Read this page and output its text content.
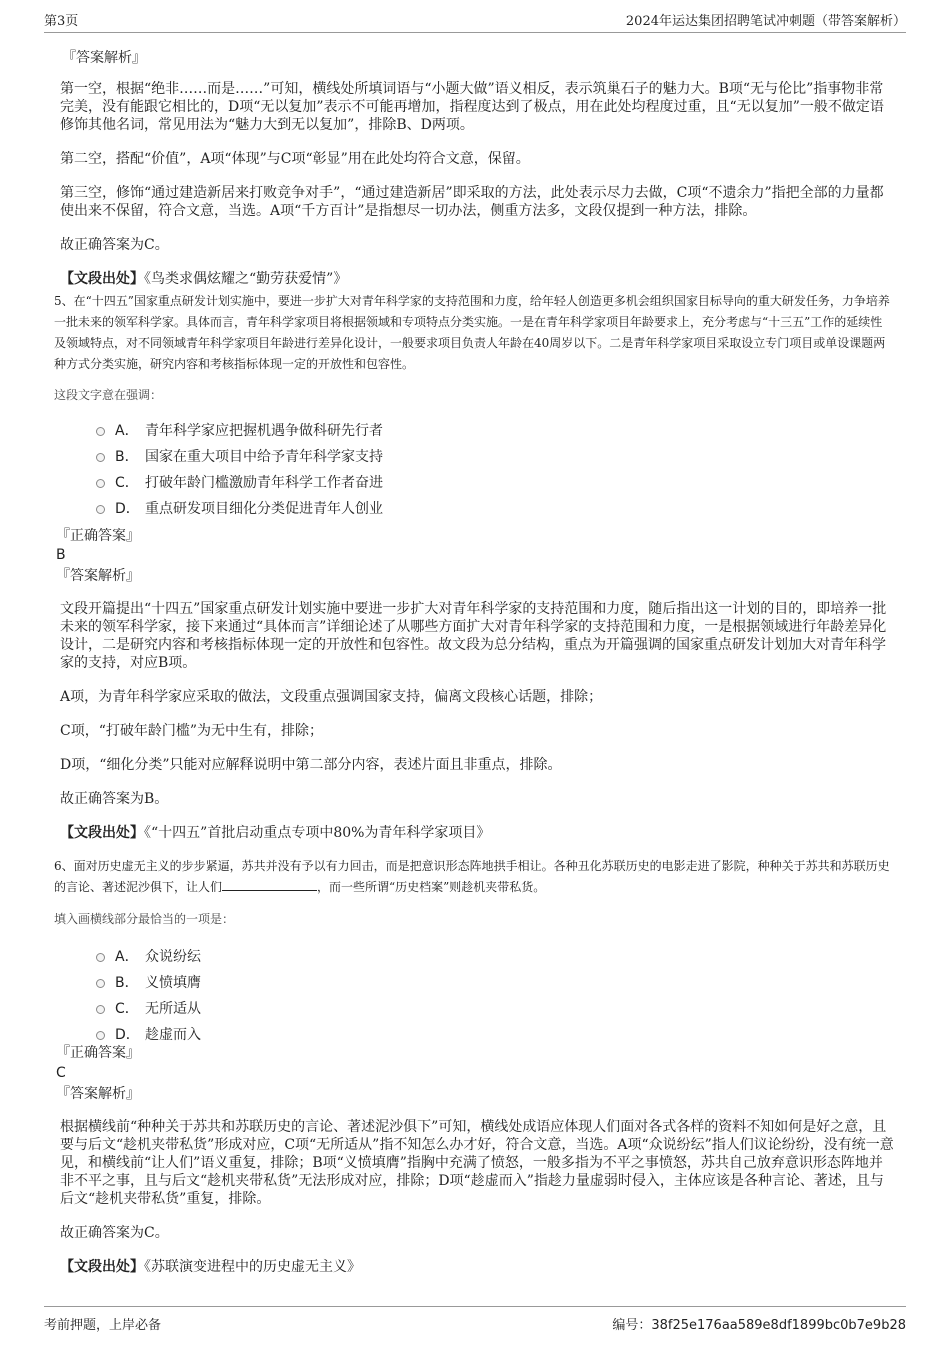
第3页	2024年运达集团招聘笔试冲刺题（带答案解析）
『答案解析』
第一空，根据“绝非……而是……”可知，横线处所填词语与“小题大做”语义相反，表示筑巢石子的魅力大。B项“无与伦比”指事物非常完美，没有能跟它相比的，D项“无以复加”表示不可能再增加，指程度达到了极点，用在此处均程度过重，且“无以复加”一般不做定语修饰其他名词，常见用法为“魅力大到无以复加”，排除B、D两项。
第二空，搭配“价值”，A项“体现”与C项“彰显”用在此处均符合文意，保留。
第三空，修饰“通过建造新居来打败竞争对手”，“通过建造新居”即采取的方法，此处表示尽力去做，C项“不遗余力”指把全部的力量都使出来不保留，符合文意，当选。A项“千方百计”是指想尽一切办法，侧重方法多，文段仅提到一种方法，排除。
故正确答案为C。
【文段出处】《鸟类求偶炫耀之“勤劳获爱情”》
5、在“十四五”国家重点研发计划实施中，要进一步扩大对青年科学家的支持范围和力度，给年轻人创造更多机会组织国家目标导向的重大研发任务，力争培养一批未来的领军科学家。具体而言，青年科学家项目将根据领域和专项特点分类实施。一是在青年科学家项目年龄要求上，充分考虑与“十三五”工作的延续性及领域特点，对不同领域青年科学家项目年龄进行差异化设计，一般要求项目负责人年龄在40周岁以下。二是青年科学家项目采取设立专门项目或单设课题两种方式分类实施，研究内容和考核指标体现一定的开放性和包容性。
这段文字意在强调：
A． 青年科学家应把握机遇争做科研先行者
B． 国家在重大项目中给予青年科学家支持
C． 打破年龄门槛激励青年科学工作者奋进
D． 重点研发项目细化分类促进青年人创业
『正确答案』
B
『答案解析』
文段开篇提出“十四五”国家重点研发计划实施中要进一步扩大对青年科学家的支持范围和力度，随后指出这一计划的目的，即培养一批未来的领军科学家，接下来通过“具体而言”详细论述了从哪些方面扩大对青年科学家的支持范围和力度，一是根据领域进行年龄差异化设计，二是研究内容和考核指标体现一定的开放性和包容性。故文段为总分结构，重点为开篇强调的国家重点研发计划加大对青年科学家的支持，对应B项。
A项，为青年科学家应采取的做法，文段重点强调国家支持，偏离文段核心话题，排除；
C项，“打破年龄门槛”为无中生有，排除；
D项，“细化分类”只能对应解释说明中第二部分内容，表述片面且非重点，排除。
故正确答案为B。
【文段出处】《“十四五”首批启动重点专项中80%为青年科学家项目》
6、面对历史虚无主义的步步紧逼，苏共并没有予以有力回击，而是把意识形态阵地拱手相让。各种丑化苏联历史的电影走进了影院，种种关于苏共和苏联历史的言论、著述泥沙俱下，让人们	，而一些所谓“历史档案”则趁机夹带私货。
填入画横线部分最恰当的一项是：
A． 众说纷纭
B． 义愤填膺
C． 无所适从
D． 趁虚而入
『正确答案』
C
『答案解析』
根据横线前“种种关于苏共和苏联历史的言论、著述泥沙俱下”可知，横线处成语应体现人们面对各式各样的资料不知如何是好之意，且要与后文“趁机夹带私货”形成对应，C项“无所适从”指不知怎么办才好，符合文意，当选。A项“众说纷纭”指人们议论纷纷，没有统一意见，和横线前“让人们”语义重复，排除；B项“义愤填膺”指胸中充满了愤怒，一般多指为不平之事愤怒，苏共自己放弃意识形态阵地并非不平之事，且与后文“趁机夹带私货”无法形成对应，排除；D项“趁虚而入”指趁力量虚弱时侵入，主体应该是各种言论、著述，且与后文“趁机夹带私货”重复，排除。
故正确答案为C。
【文段出处】《苏联演变进程中的历史虚无主义》
考前押题，上岸必备	编号：38f25e176aa589e8df1899bc0b7e9b28
